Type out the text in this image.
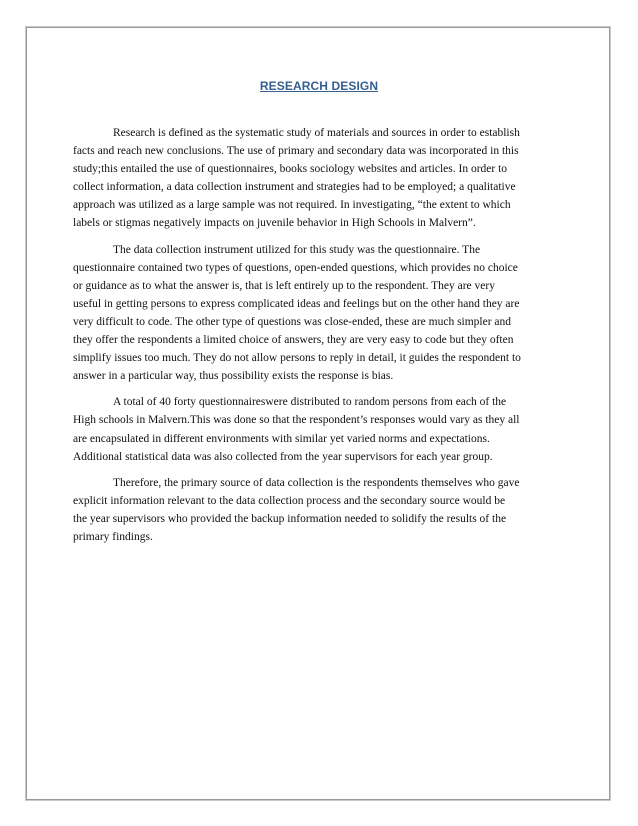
RESEARCH DESIGN
Research is defined as the systematic study of materials and sources in order to establish
facts and reach new conclusions. The use of primary and secondary data was incorporated in this
study;this entailed the use of questionnaires, books sociology websites and articles. In order to
collect information, a data collection instrument and strategies had to be employed; a qualitative
approach was utilized as a large sample was not required. In investigating, “the extent to which
labels or stigmas negatively impacts on juvenile behavior in High Schools in Malvern”.
The data collection instrument utilized for this study was the questionnaire. The
questionnaire contained two types of questions, open-ended questions, which provides no choice
or guidance as to what the answer is, that is left entirely up to the respondent. They are very
useful in getting persons to express complicated ideas and feelings but on the other hand they are
very difficult to code. The other type of questions was close-ended, these are much simpler and
they offer the respondents a limited choice of answers, they are very easy to code but they often
simplify issues too much. They do not allow persons to reply in detail, it guides the respondent to
answer in a particular way, thus possibility exists the response is bias.
A total of 40 forty questionnaireswere distributed to random persons from each of the
High schools in Malvern.This was done so that the respondent’s responses would vary as they all
are encapsulated in different environments with similar yet varied norms and expectations.
Additional statistical data was also collected from the year supervisors for each year group.
Therefore, the primary source of data collection is the respondents themselves who gave
explicit information relevant to the data collection process and the secondary source would be
the year supervisors who provided the backup information needed to solidify the results of the
primary findings.
